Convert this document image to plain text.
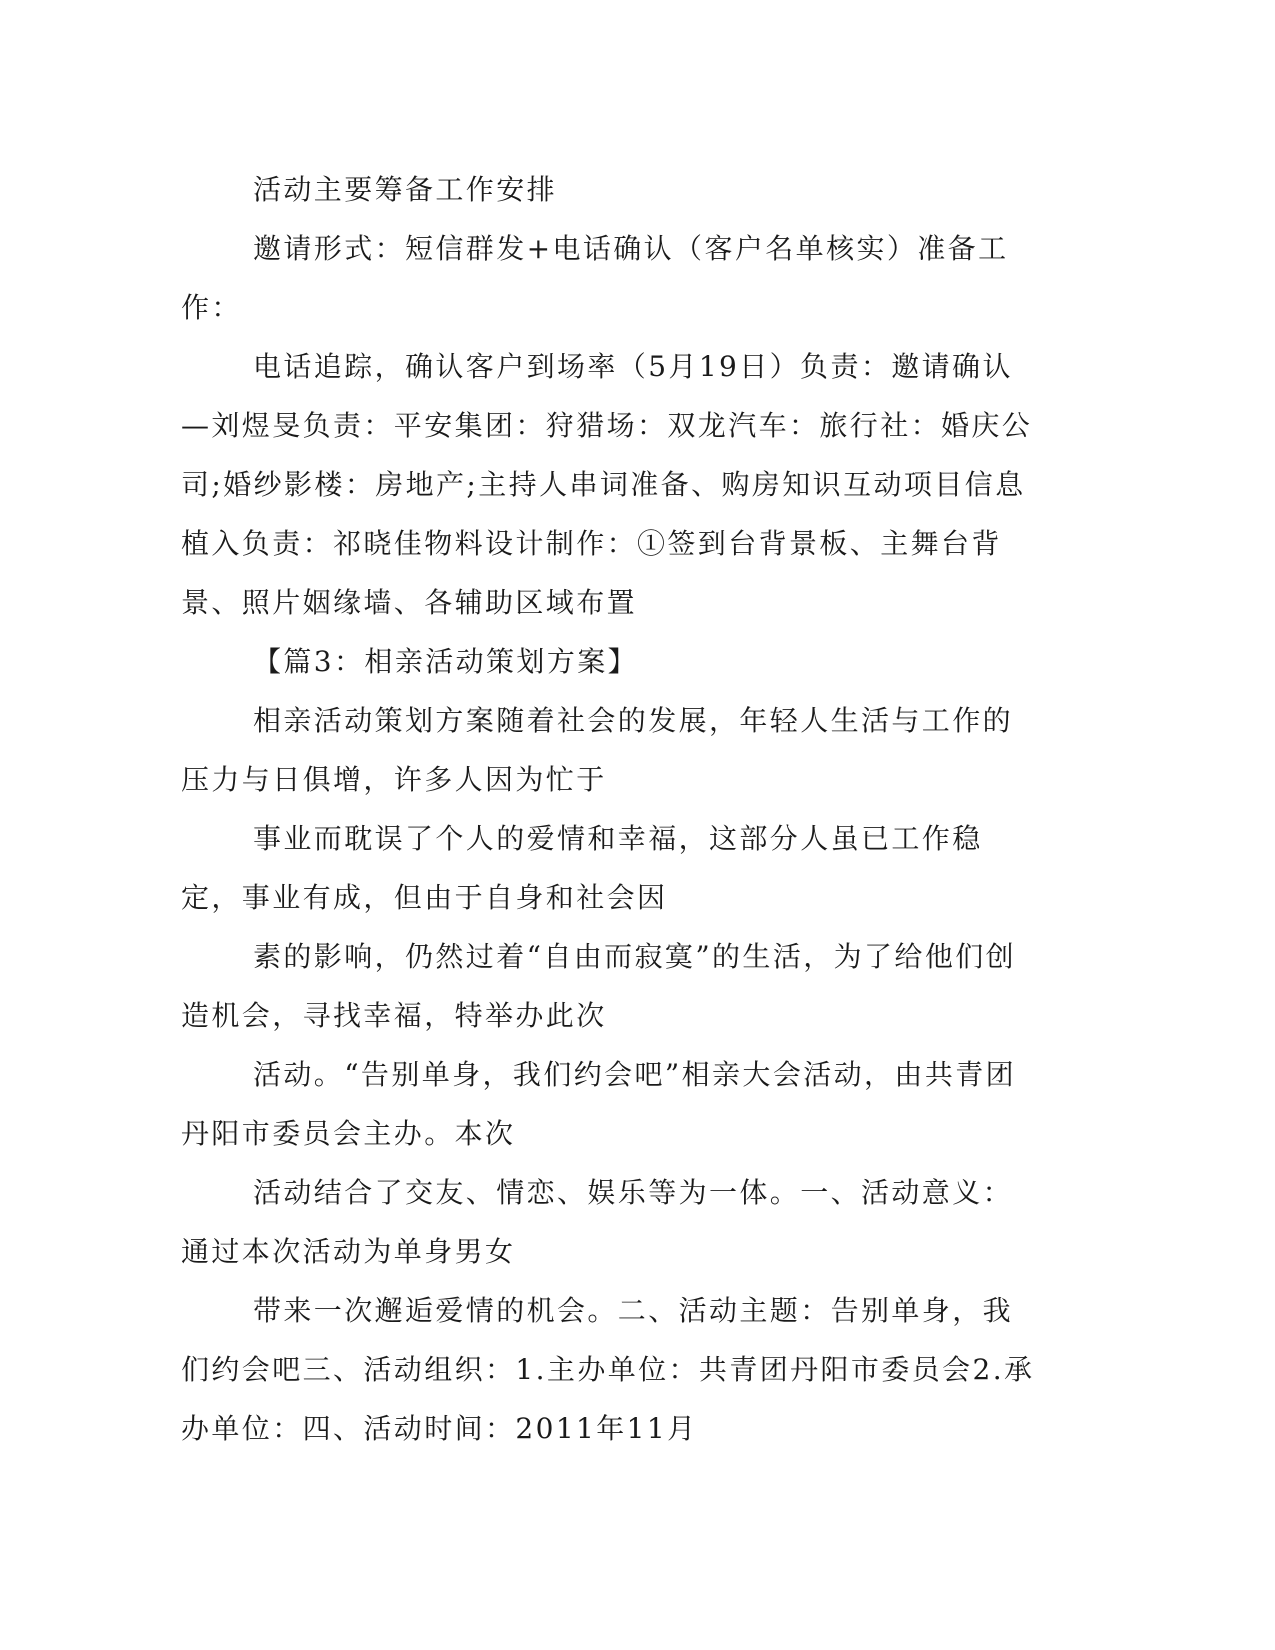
活动主要筹备工作安排

邀请形式：短信群发+电话确认（客户名单核实）准备工作：

电话追踪，确认客户到场率（5月19日）负责：邀请确认—刘煜旻负责：平安集团：狩猎场：双龙汽车：旅行社：婚庆公司;婚纱影楼：房地产;主持人串词准备、购房知识互动项目信息植入负责：祁晓佳物料设计制作：①签到台背景板、主舞台背景、照片姻缘墙、各辅助区域布置

【篇3：相亲活动策划方案】

相亲活动策划方案随着社会的发展，年轻人生活与工作的压力与日俱增，许多人因为忙于

事业而耽误了个人的爱情和幸福，这部分人虽已工作稳定，事业有成，但由于自身和社会因

素的影响，仍然过着“自由而寂寞”的生活，为了给他们创造机会，寻找幸福，特举办此次

活动。“告别单身，我们约会吧”相亲大会活动，由共青团丹阳市委员会主办。本次

活动结合了交友、情恋、娱乐等为一体。一、活动意义：通过本次活动为单身男女

带来一次邂逅爱情的机会。二、活动主题：告别单身，我们约会吧三、活动组织：1.主办单位：共青团丹阳市委员会2.承办单位：四、活动时间：2011年11月
